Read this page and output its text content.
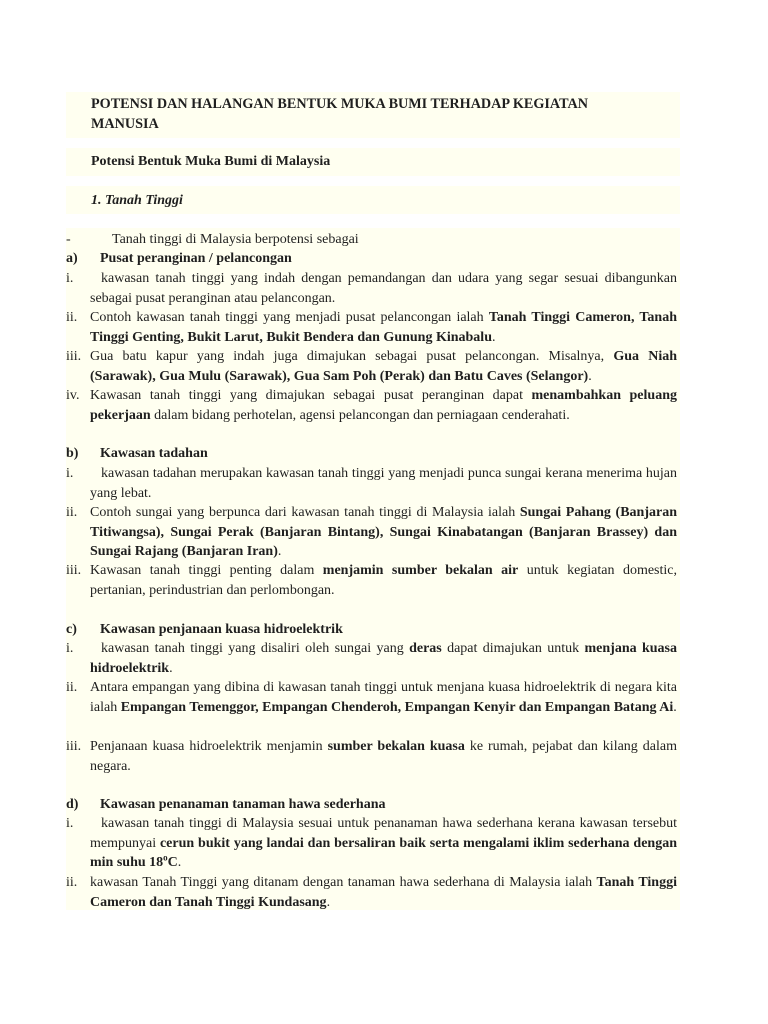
POTENSI DAN HALANGAN BENTUK MUKA BUMI TERHADAP KEGIATAN MANUSIA
Potensi Bentuk Muka Bumi di Malaysia
1. Tanah Tinggi
-	Tanah tinggi di Malaysia berpotensi sebagai
a) Pusat peranginan / pelancongan
i.	kawasan tanah tinggi yang indah dengan pemandangan dan udara yang segar sesuai dibangunkan sebagai pusat peranginan atau pelancongan.
ii. Contoh kawasan tanah tinggi yang menjadi pusat pelancongan ialah Tanah Tinggi Cameron, Tanah Tinggi Genting, Bukit Larut, Bukit Bendera dan Gunung Kinabalu.
iii. Gua batu kapur yang indah juga dimajukan sebagai pusat pelancongan. Misalnya, Gua Niah (Sarawak), Gua Mulu (Sarawak), Gua Sam Poh (Perak) dan Batu Caves (Selangor).
iv. Kawasan tanah tinggi yang dimajukan sebagai pusat peranginan dapat menambahkan peluang pekerjaan dalam bidang perhotelan, agensi pelancongan dan perniagaan cenderahati.
b) Kawasan tadahan
i.	kawasan tadahan merupakan kawasan tanah tinggi yang menjadi punca sungai kerana menerima hujan yang lebat.
ii. Contoh sungai yang berpunca dari kawasan tanah tinggi di Malaysia ialah Sungai Pahang (Banjaran Titiwangsa), Sungai Perak (Banjaran Bintang), Sungai Kinabatangan (Banjaran Brassey) dan Sungai Rajang (Banjaran Iran).
iii. Kawasan tanah tinggi penting dalam menjamin sumber bekalan air untuk kegiatan domestic, pertanian, perindustrian dan perlombongan.
c) Kawasan penjanaan kuasa hidroelektrik
i.	kawasan tanah tinggi yang disaliri oleh sungai yang deras dapat dimajukan untuk menjana kuasa hidroelektrik.
ii. Antara empangan yang dibina di kawasan tanah tinggi untuk menjana kuasa hidroelektrik di negara kita ialah Empangan Temenggor, Empangan Chenderoh, Empangan Kenyir dan Empangan Batang Ai.
iii. Penjanaan kuasa hidroelektrik menjamin sumber bekalan kuasa ke rumah, pejabat dan kilang dalam negara.
d) Kawasan penanaman tanaman hawa sederhana
i.	kawasan tanah tinggi di Malaysia sesuai untuk penanaman hawa sederhana kerana kawasan tersebut mempunyai cerun bukit yang landai dan bersaliran baik serta mengalami iklim sederhana dengan min suhu 18$^o$C.
ii. kawasan Tanah Tinggi yang ditanam dengan tanaman hawa sederhana di Malaysia ialah Tanah Tinggi Cameron dan Tanah Tinggi Kundasang.
